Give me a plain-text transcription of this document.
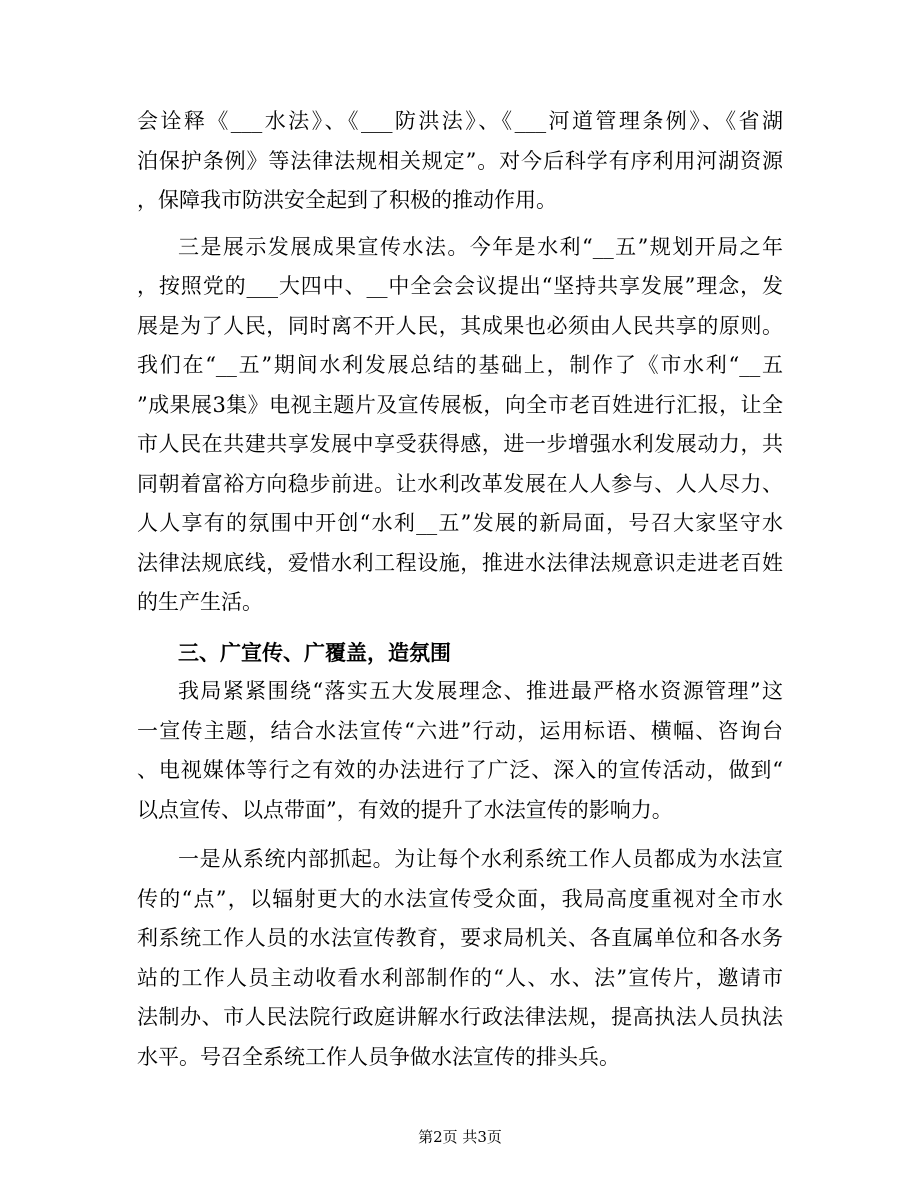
会诠释《___水法》、《___防洪法》、《___河道管理条例》、《省湖
泊保护条例》等法律法规相关规定”。对今后科学有序利用河湖资源
，保障我市防洪安全起到了积极的推动作用。
三是展示发展成果宣传水法。今年是水利“__五”规划开局之年
，按照党的___大四中、__中全会会议提出“坚持共享发展”理念，发
展是为了人民，同时离不开人民，其成果也必须由人民共享的原则。
我们在“__五”期间水利发展总结的基础上，制作了《市水利“__五
”成果展3集》电视主题片及宣传展板，向全市老百姓进行汇报，让全
市人民在共建共享发展中享受获得感，进一步增强水利发展动力，共
同朝着富裕方向稳步前进。让水利改革发展在人人参与、人人尽力、
人人享有的氛围中开创“水利__五”发展的新局面，号召大家坚守水
法律法规底线，爱惜水利工程设施，推进水法律法规意识走进老百姓
的生产生活。
三、广宣传、广覆盖，造氛围
我局紧紧围绕“落实五大发展理念、推进最严格水资源管理”这
一宣传主题，结合水法宣传“六进”行动，运用标语、横幅、咨询台
、电视媒体等行之有效的办法进行了广泛、深入的宣传活动，做到“
以点宣传、以点带面”，有效的提升了水法宣传的影响力。
一是从系统内部抓起。为让每个水利系统工作人员都成为水法宣
传的“点”，以辐射更大的水法宣传受众面，我局高度重视对全市水
利系统工作人员的水法宣传教育，要求局机关、各直属单位和各水务
站的工作人员主动收看水利部制作的“人、水、法”宣传片，邀请市
法制办、市人民法院行政庭讲解水行政法律法规，提高执法人员执法
水平。号召全系统工作人员争做水法宣传的排头兵。
第2页 共3页
